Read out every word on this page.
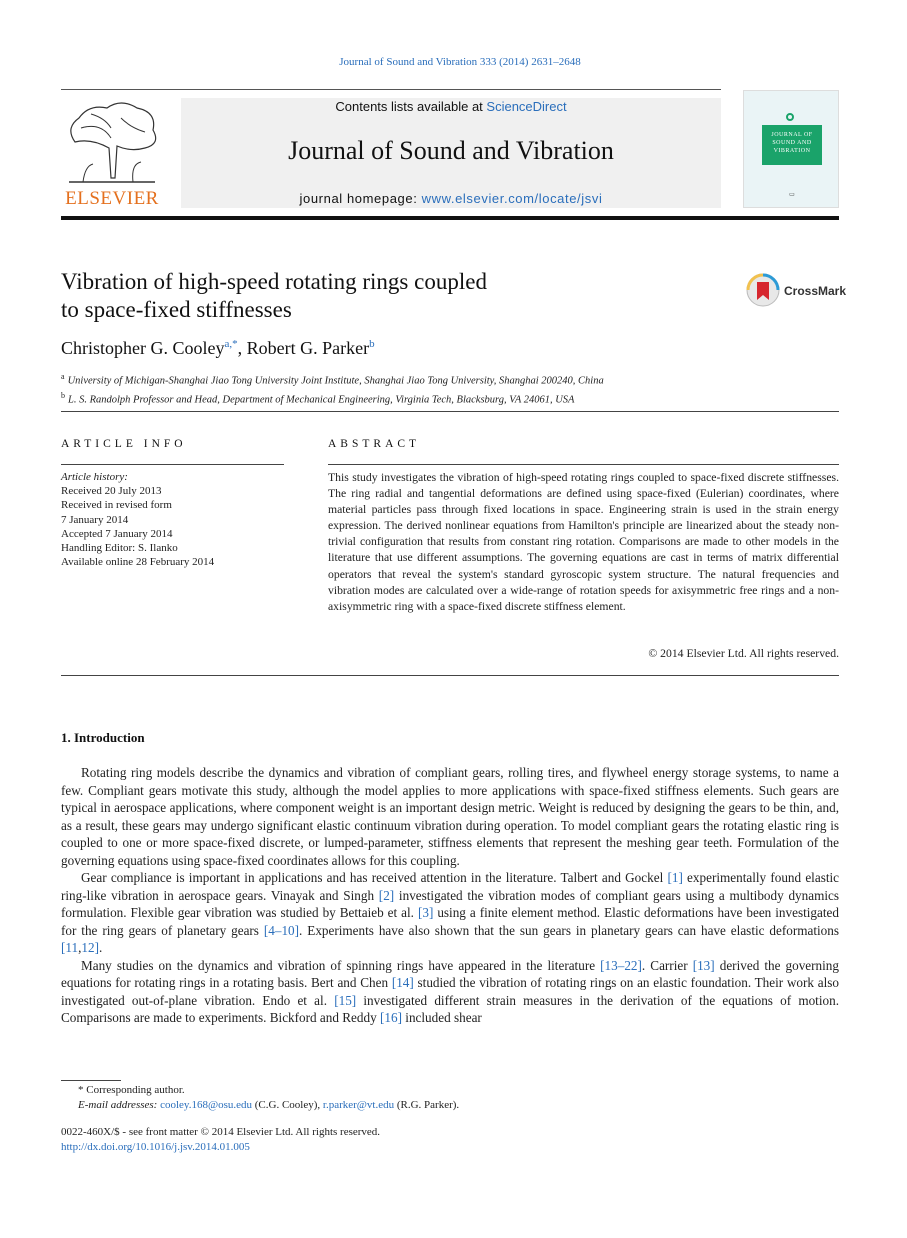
Journal of Sound and Vibration 333 (2014) 2631–2648
ELSEVIER
Contents lists available at ScienceDirect
Journal of Sound and Vibration
journal homepage: www.elsevier.com/locate/jsvi
JOURNAL OF SOUND AND VIBRATION
▭
Vibration of high-speed rotating rings coupled
to space-fixed stiffnesses
CrossMark
Christopher G. Cooley$^{a,*}$, Robert G. Parker$^b$
$^a$ University of Michigan-Shanghai Jiao Tong University Joint Institute, Shanghai Jiao Tong University, Shanghai 200240, China
$^b$ L. S. Randolph Professor and Head, Department of Mechanical Engineering, Virginia Tech, Blacksburg, VA 24061, USA
ARTICLE INFO	ABSTRACT
Article history:
Received 20 July 2013
Received in revised form
7 January 2014
Accepted 7 January 2014
Handling Editor: S. Ilanko
Available online 28 February 2014
This study investigates the vibration of high-speed rotating rings coupled to space-fixed discrete stiffnesses. The ring radial and tangential deformations are defined using space-fixed (Eulerian) coordinates, where material particles pass through fixed locations in space. Engineering strain is used in the strain energy expression. The derived nonlinear equations from Hamilton's principle are linearized about the steady non-trivial configuration that results from constant ring rotation. Comparisons are made to other models in the literature that use different assumptions. The governing equations are cast in terms of matrix differential operators that reveal the system's standard gyroscopic system structure. The natural frequencies and vibration modes are calculated over a wide-range of rotation speeds for axisymmetric free rings and a non-axisymmetric ring with a space-fixed discrete stiffness element.
© 2014 Elsevier Ltd. All rights reserved.
1. Introduction

Rotating ring models describe the dynamics and vibration of compliant gears, rolling tires, and flywheel energy storage systems, to name a few. Compliant gears motivate this study, although the model applies to more applications with space-fixed stiffness elements. Such gears are typical in aerospace applications, where component weight is an important design metric. Weight is reduced by designing the gears to be thin, and, as a result, these gears may undergo significant elastic continuum vibration during operation. To model compliant gears the rotating elastic ring is coupled to one or more space-fixed discrete, or lumped-parameter, stiffness elements that represent the meshing gear teeth. Formulation of the governing equations using space-fixed coordinates allows for this coupling.

Gear compliance is important in applications and has received attention in the literature. Talbert and Gockel [1] experimentally found elastic ring-like vibration in aerospace gears. Vinayak and Singh [2] investigated the vibration modes of compliant gears using a multibody dynamics formulation. Flexible gear vibration was studied by Bettaieb et al. [3] using a finite element method. Elastic deformations have been investigated for the ring gears of planetary gears [4–10]. Experiments have also shown that the sun gears in planetary gears can have elastic deformations [11,12].

Many studies on the dynamics and vibration of spinning rings have appeared in the literature [13–22]. Carrier [13] derived the governing equations for rotating rings in a rotating basis. Bert and Chen [14] studied the vibration of rotating rings on an elastic foundation. Their work also investigated out-of-plane vibration. Endo et al. [15] investigated different strain measures in the derivation of the equations of motion. Comparisons are made to experiments. Bickford and Reddy [16] included shear

* Corresponding author.
E-mail addresses: cooley.168@osu.edu (C.G. Cooley), r.parker@vt.edu (R.G. Parker).
0022-460X/$ - see front matter © 2014 Elsevier Ltd. All rights reserved.
http://dx.doi.org/10.1016/j.jsv.2014.01.005
